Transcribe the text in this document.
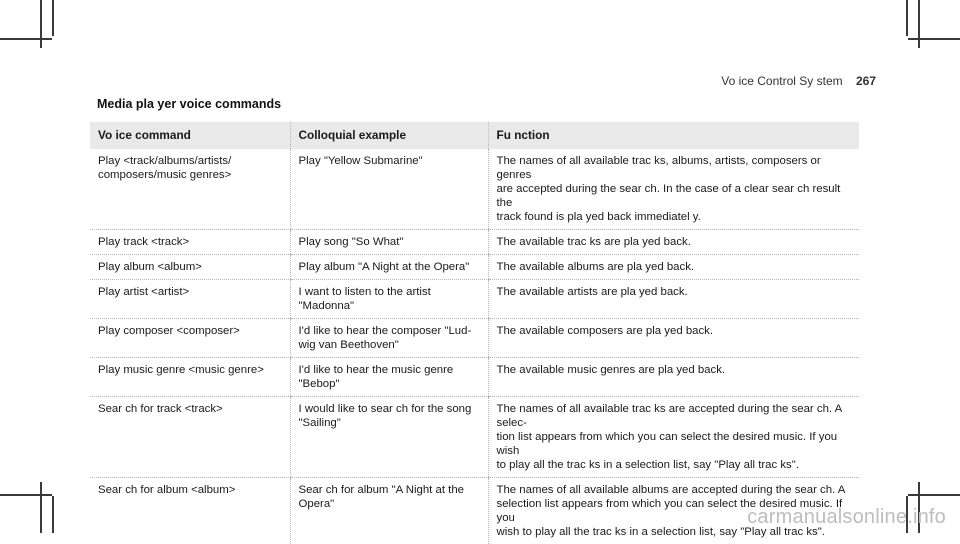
Vo ice Control Sy stem 267
Media pla yer voice commands
Vo ice command	Colloquial example	Fu nction
Play <track/albums/artists/
composers/music genres>	Play "Yellow Submarine"	The names of all available trac ks, albums, artists, composers or genres
are accepted during the sear ch. In the case of a clear sear ch result the
track found is pla yed back immediatel y.
Play track <track>	Play song "So What"	The available trac ks are pla yed back.
Play album <album>	Play album "A Night at the Opera"	The available albums are pla yed back.
Play artist <artist>	I want to listen to the artist
"Madonna"	The available artists are pla yed back.
Play composer <composer>	I'd like to hear the composer "Lud‐
wig van Beethoven"	The available composers are pla yed back.
Play music genre <music genre>	I'd like to hear the music genre
"Bebop"	The available music genres are pla yed back.
Sear ch for track <track>	I would like to sear ch for the song
"Sailing"	The names of all available trac ks are accepted during the sear ch. A selec‐
tion list appears from which you can select the desired music. If you wish
to play all the trac ks in a selection list, say "Play all trac ks".
Sear ch for album <album>	Sear ch for album "A Night at the
Opera"	The names of all available albums are accepted during the sear ch. A
selection list appears from which you can select the desired music. If you
wish to play all the trac ks in a selection list, say "Play all trac ks".
carmanualsonline.info
